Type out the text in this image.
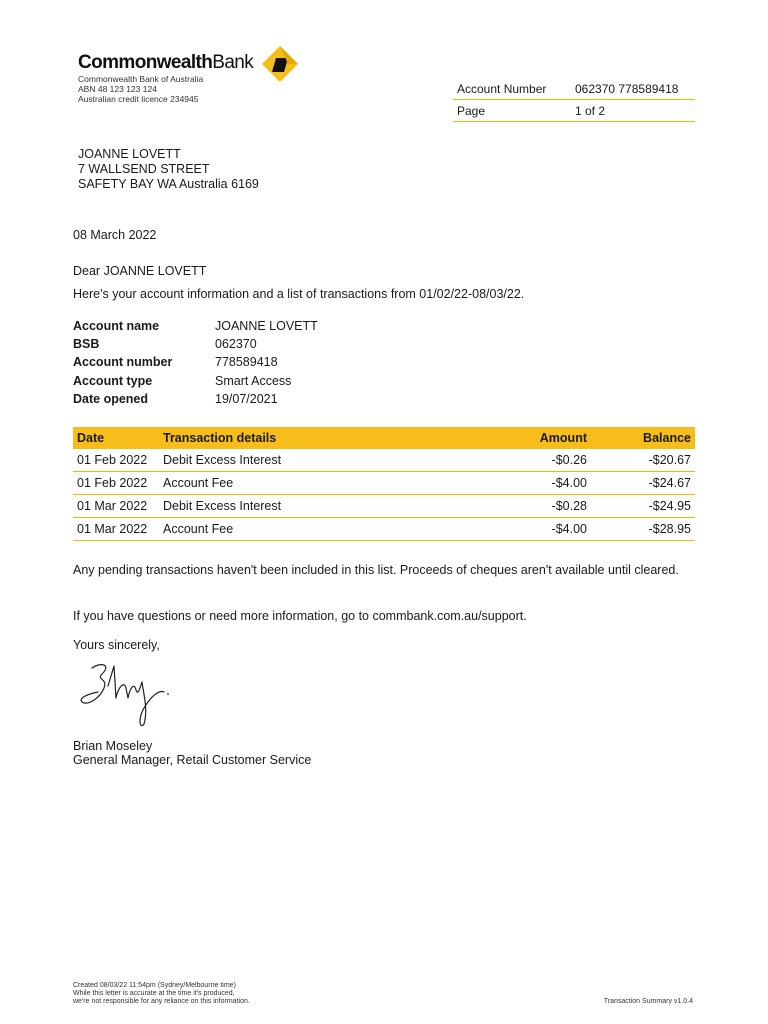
CommonwealthBank
Commonwealth Bank of Australia
ABN 48 123 123 124
Australian credit licence 234945
Account Number	062370 778589418
Page	1 of 2
JOANNE LOVETT
7 WALLSEND STREET
SAFETY BAY WA Australia 6169
08 March 2022
Dear JOANNE LOVETT
Here's your account information and a list of transactions from 01/02/22-08/03/22.
Account name	JOANNE LOVETT
BSB	062370
Account number	778589418
Account type	Smart Access
Date opened	19/07/2021
Date	Transaction details	Amount	Balance
01 Feb 2022	Debit Excess Interest	-$0.26	-$20.67
01 Feb 2022	Account Fee	-$4.00	-$24.67
01 Mar 2022	Debit Excess Interest	-$0.28	-$24.95
01 Mar 2022	Account Fee	-$4.00	-$28.95
Any pending transactions haven't been included in this list. Proceeds of cheques aren't available until cleared.
If you have questions or need more information, go to commbank.com.au/support.
Yours sincerely,
Brian Moseley
General Manager, Retail Customer Service
Created 08/03/22 11:54pm (Sydney/Melbourne time)
While this letter is accurate at the time it's produced,
we're not responsible for any reliance on this information.	Transaction Summary v1.0.4
